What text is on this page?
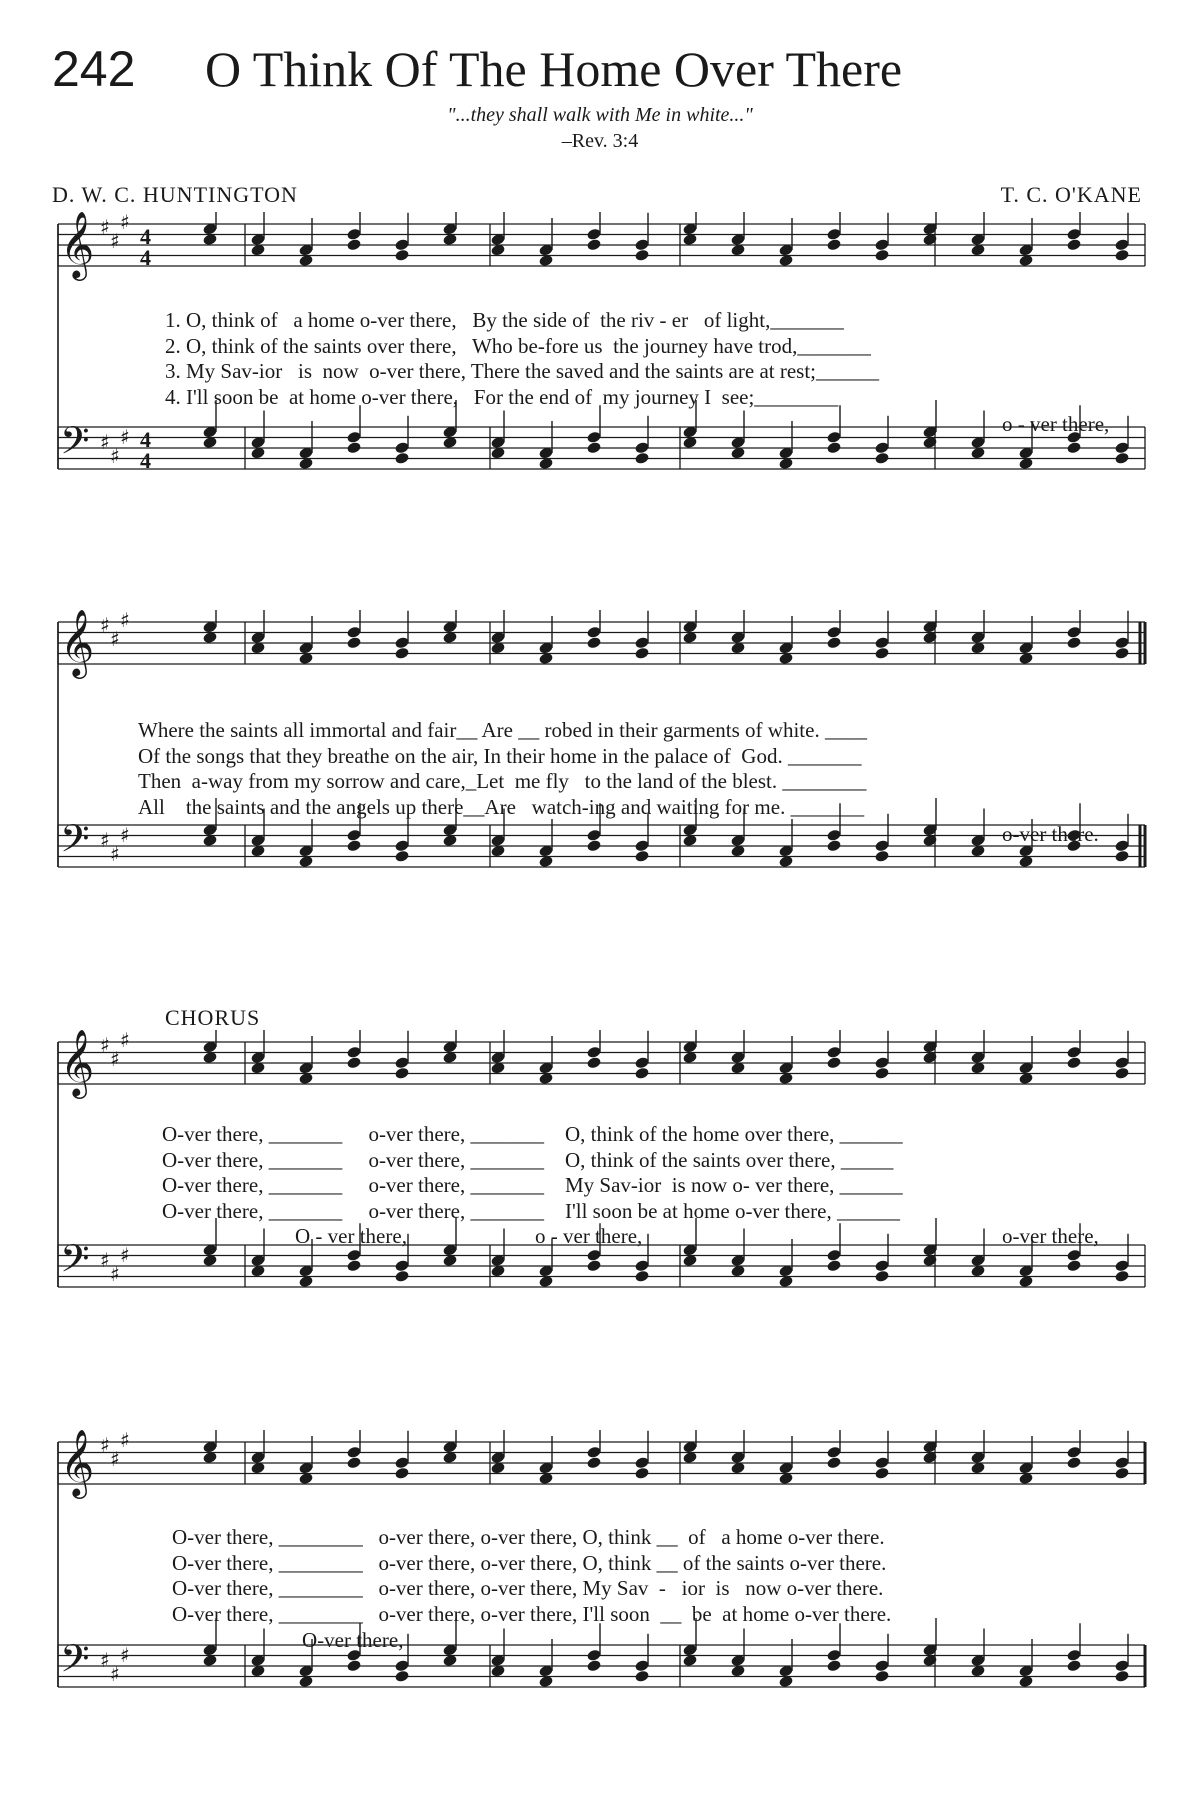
242 O Think Of The Home Over There
"...they shall walk with Me in white..."
–Rev. 3:4
D. W. C. HUNTINGTON	T. C. O'KANE
𝄞 ♯
♯
♯
4
4
𝄢 ♯
♯
♯ 4
4
1. O, think of   a home o-ver there,   By the side of  the riv - er   of light,_______
2. O, think of the saints over there,   Who be-fore us  the journey have trod,_______
3. My Sav-ior   is  now  o-ver there, There the saved and the saints are at rest;______
4. I'll soon be  at home o-ver there,   For the end of  my journey I  see;________
o - ver there,
𝄞 ♯
♯
♯
𝄢 ♯
♯
♯
Where the saints all immortal and fair__ Are __ robed in their garments of white. ____
Of the songs that they breathe on the air, In their home in the palace of  God. _______
Then  a-way from my sorrow and care,_Let  me fly   to the land of the blest. ________
All    the saints and the angels up there__Are   watch-ing and waiting for me. _______
o-ver there.
CHORUS
𝄞 ♯
♯
♯
𝄢 ♯
♯
♯
O-ver there, _______     o-ver there, _______    O, think of the home over there, ______
O-ver there, _______     o-ver there, _______    O, think of the saints over there, _____
O-ver there, _______     o-ver there, _______    My Sav-ior  is now o- ver there, ______
O-ver there, _______     o-ver there, _______    I'll soon be at home o-ver there, ______
O - ver there,	o - ver there,	o-ver there,
𝄞 ♯
♯
♯
𝄢 ♯
♯
♯
O-ver there, ________   o-ver there, o-ver there, O, think __  of   a home o-ver there.
O-ver there, ________   o-ver there, o-ver there, O, think __ of the saints o-ver there.
O-ver there, ________   o-ver there, o-ver there, My Sav  -   ior  is   now o-ver there.
O-ver there, ________   o-ver there, o-ver there, I'll soon  __  be  at home o-ver there.
O-ver there,
